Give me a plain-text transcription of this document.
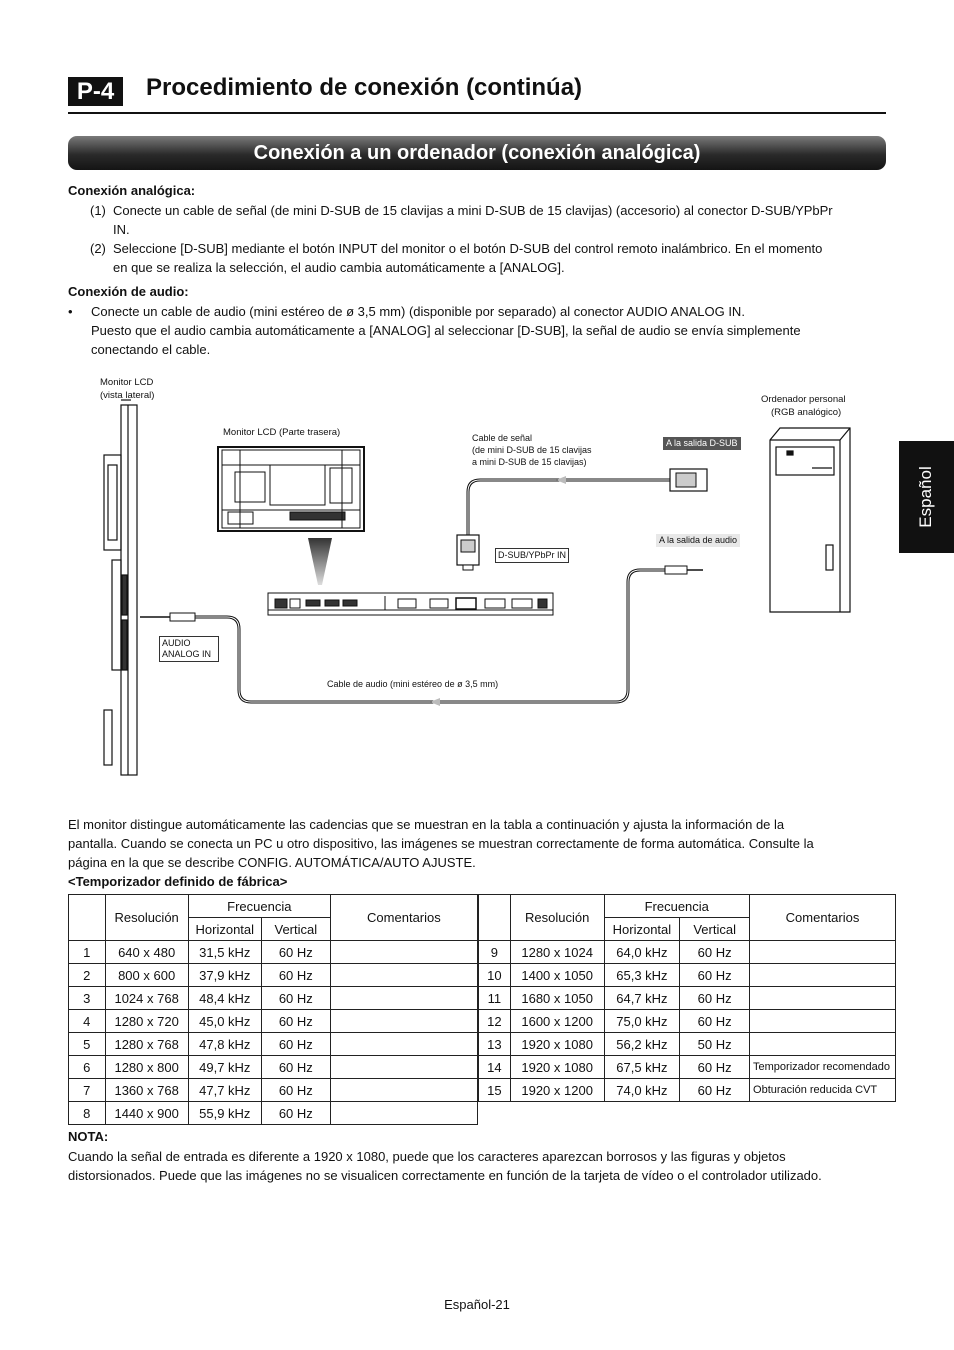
P-4	Procedimiento de conexión (continúa)
Conexión a un ordenador (conexión analógica)
Español
Conexión analógica:
(1) Conecte un cable de señal (de mini D-SUB de 15 clavijas a mini D-SUB de 15 clavijas) (accesorio) al conector D-SUB/YPbPr
IN.
(2) Seleccione [D-SUB] mediante el botón INPUT del monitor o el botón D-SUB del control remoto inalámbrico. En el momento
en que se realiza la selección, el audio cambia automáticamente a [ANALOG].
Conexión de audio:
• Conecte un cable de audio (mini estéreo de ø 3,5 mm) (disponible por separado) al conector AUDIO ANALOG IN.
Puesto que el audio cambia automáticamente a [ANALOG] al seleccionar [D-SUB], la señal de audio se envía simplemente
conectando el cable.
Monitor LCD
(vista lateral)
Monitor LCD (Parte trasera)	Cable de señal
(de mini D-SUB de 15 clavijas
a mini D-SUB de 15 clavijas)
A la salida D-SUB
Ordenador personal
(RGB analógico)
A la salida de audio
D-SUB/YPbPr IN
AUDIO
ANALOG IN
Cable de audio (mini estéreo de ø 3,5 mm)
El monitor distingue automáticamente las cadencias que se muestran en la tabla a continuación y ajusta la información de la
pantalla. Cuando se conecta un PC u otro dispositivo, las imágenes se muestran correctamente de forma automática. Consulte la
página en la que se describe CONFIG. AUTOMÁTICA/AUTO AJUSTE.
<Temporizador definido de fábrica>
	Resolución	Frecuencia		Comentarios
		Horizontal	Vertical	
1	640 x 480	31,5 kHz	60 Hz	
2	800 x 600	37,9 kHz	60 Hz	
3	1024 x 768	48,4 kHz	60 Hz	
4	1280 x 720	45,0 kHz	60 Hz	
5	1280 x 768	47,8 kHz	60 Hz	
6	1280 x 800	49,7 kHz	60 Hz	
7	1360 x 768	47,7 kHz	60 Hz	
8	1440 x 900	55,9 kHz	60 Hz	
	Resolución	Frecuencia		Comentarios
		Horizontal	Vertical	
9	1280 x 1024	64,0 kHz	60 Hz	
10	1400 x 1050	65,3 kHz	60 Hz	
11	1680 x 1050	64,7 kHz	60 Hz	
12	1600 x 1200	75,0 kHz	60 Hz	
13	1920 x 1080	56,2 kHz	50 Hz	
14	1920 x 1080	67,5 kHz	60 Hz	Temporizador recomendado
15	1920 x 1200	74,0 kHz	60 Hz	Obturación reducida CVT
NOTA:
Cuando la señal de entrada es diferente a 1920 x 1080, puede que los caracteres aparezcan borrosos y las figuras y objetos
distorsionados. Puede que las imágenes no se visualicen correctamente en función de la tarjeta de vídeo o el controlador utilizado.
Español-21
